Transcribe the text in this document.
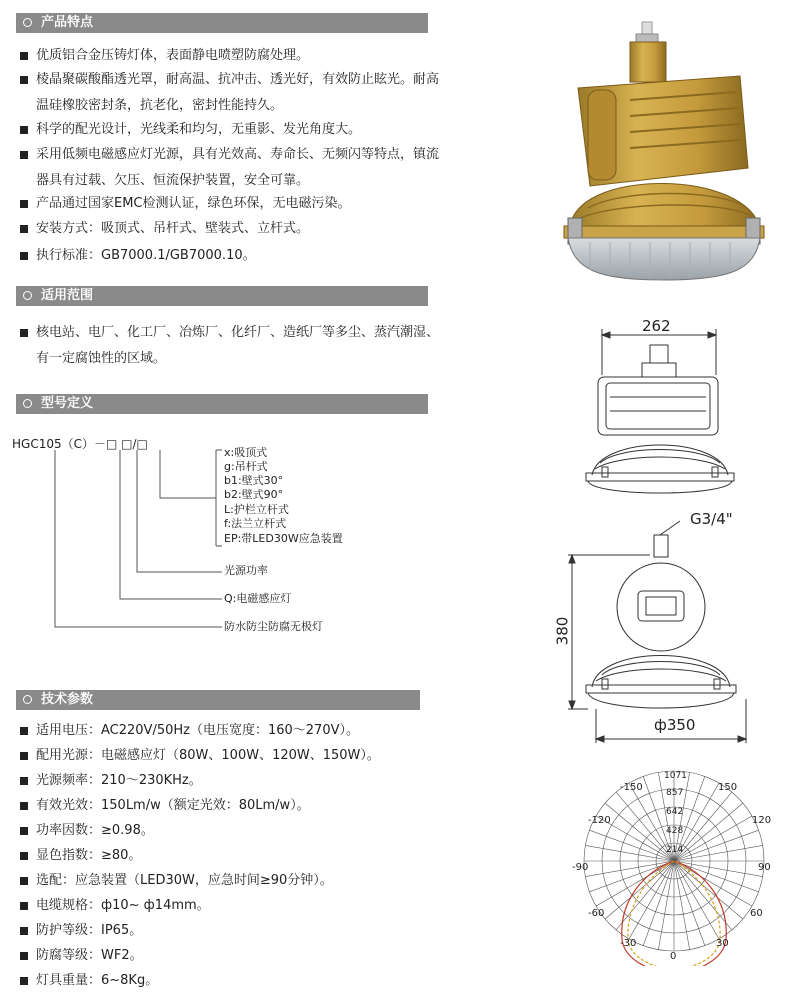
产品特点
适用范围
型号定义
技术参数
优质铝合金压铸灯体，表面静电喷塑防腐处理。
棱晶聚碳酸酯透光罩，耐高温、抗冲击、透光好，有效防止眩光。耐高温硅橡胶密封条，抗老化，密封性能持久。
科学的配光设计，光线柔和均匀，无重影、发光角度大。
采用低频电磁感应灯光源，具有光效高、寿命长、无频闪等特点，镇流器具有过载、欠压、恒流保护装置，安全可靠。
产品通过国家EMC检测认证，绿色环保，无电磁污染。
安装方式：吸顶式、吊杆式、壁装式、立杆式。
执行标准：GB7000.1/GB7000.10。
核电站、电厂、化工厂、冶炼厂、化纤厂、造纸厂等多尘、蒸汽潮湿、有一定腐蚀性的区域。
HGC105（C）－□ □/□
x:吸顶式
g:吊杆式
b1:壁式30°
b2:壁式90°
L:护栏立杆式
f:法兰立杆式
EP:带LED30W应急装置
光源功率
Q:电磁感应灯
防水防尘防腐无极灯
适用电压：AC220V/50Hz（电压宽度：160～270V）。
配用光源：电磁感应灯（80W、100W、120W、150W）。
光源频率：210～230KHz。
有效光效：150Lm/w（额定光效：80Lm/w）。
功率因数：≥0.98。
显色指数：≥80。
选配：应急装置（LED30W，应急时间≥90分钟）。
电缆规格：ф10~ ф14mm。
防护等级：IP65。
防腐等级：WF2。
灯具重量：6~8Kg。
262
G3/4"
380
ф350
1071
857
642
428
214
-150	150
-120	120
-90	90
-60	60
-30	30
0
